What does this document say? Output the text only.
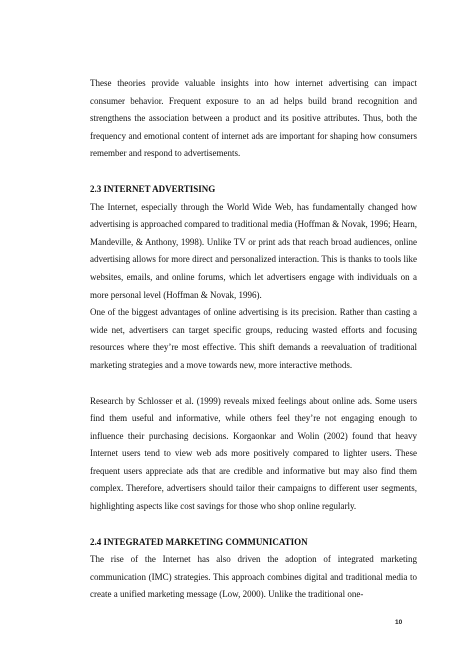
These theories provide valuable insights into how internet advertising can impact consumer behavior. Frequent exposure to an ad helps build brand recognition and strengthens the association between a product and its positive attributes. Thus, both the frequency and emotional content of internet ads are important for shaping how consumers remember and respond to advertisements.

2.3 INTERNET ADVERTISING

The Internet, especially through the World Wide Web, has fundamentally changed how advertising is approached compared to traditional media (Hoffman & Novak, 1996; Hearn, Mandeville, & Anthony, 1998). Unlike TV or print ads that reach broad audiences, online advertising allows for more direct and personalized interaction. This is thanks to tools like websites, emails, and online forums, which let advertisers engage with individuals on a more personal level (Hoffman & Novak, 1996).

One of the biggest advantages of online advertising is its precision. Rather than casting a wide net, advertisers can target specific groups, reducing wasted efforts and focusing resources where they’re most effective. This shift demands a reevaluation of traditional marketing strategies and a move towards new, more interactive methods.

Research by Schlosser et al. (1999) reveals mixed feelings about online ads. Some users find them useful and informative, while others feel they’re not engaging enough to influence their purchasing decisions. Korgaonkar and Wolin (2002) found that heavy Internet users tend to view web ads more positively compared to lighter users. These frequent users appreciate ads that are credible and informative but may also find them complex. Therefore, advertisers should tailor their campaigns to different user segments, highlighting aspects like cost savings for those who shop online regularly.

2.4 INTEGRATED MARKETING COMMUNICATION

The rise of the Internet has also driven the adoption of integrated marketing communication (IMC) strategies. This approach combines digital and traditional media to create a unified marketing message (Low, 2000). Unlike the traditional one-

10
